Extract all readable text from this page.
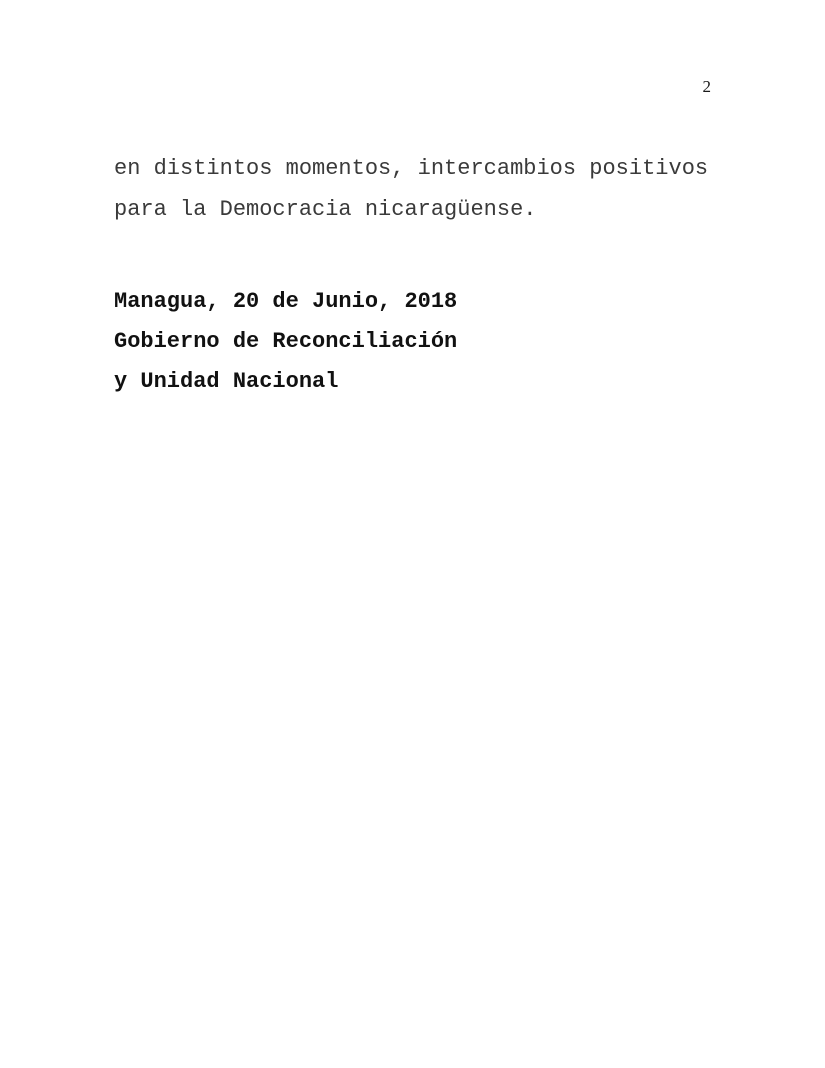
2
en distintos momentos, intercambios positivos
para la Democracia nicaragüense.
Managua, 20 de Junio, 2018
Gobierno de Reconciliación
y Unidad Nacional
